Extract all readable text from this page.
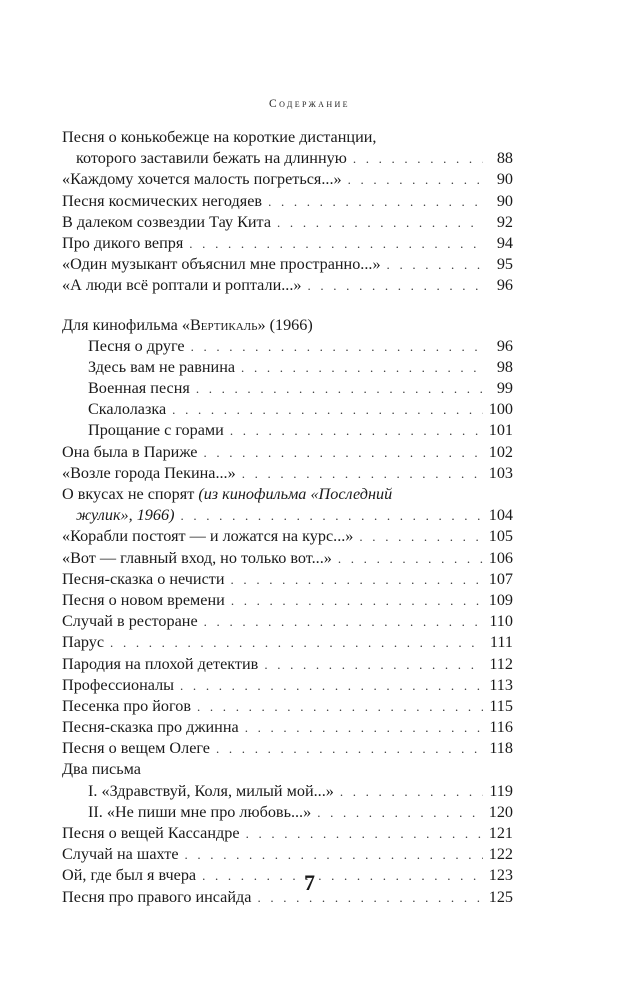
Содержание
Песня о конькобежце на короткие дистанции,
которого заставили бежать на длинную . . .	88
«Каждому хочется малость погреться...» . . .	90
Песня космических негодяев . . .	90
В далеком созвездии Тау Кита . . .	92
Про дикого вепря . . .	94
«Один музыкант объяснил мне пространно...» . . .	95
«А люди всё роптали и роптали...» . . .	96
Для кинофильма «Вертикаль» (1966)
Песня о друге . . .	96
Здесь вам не равнина . . .	98
Военная песня . . .	99
Скалолазка . . .	100
Прощание с горами . . .	101
Она была в Париже . . .	102
«Возле города Пекина...» . . .	103
О вкусах не спорят (из кинофильма «Последний
жулик», 1966) . . .	104
«Корабли постоят — и ложатся на курс...» . . .	105
«Вот — главный вход, но только вот...» . . .	106
Песня-сказка о нечисти . . .	107
Песня о новом времени . . .	109
Случай в ресторане . . .	110
Парус . . .	111
Пародия на плохой детектив . . .	112
Профессионалы . . .	113
Песенка про йогов . . .	115
Песня-сказка про джинна . . .	116
Песня о вещем Олеге . . .	118
Два письма
I. «Здравствуй, Коля, милый мой...» . . .	119
II. «Не пиши мне про любовь...» . . .	120
Песня о вещей Кассандре . . .	121
Случай на шахте . . .	122
Ой, где был я вчера . . .	123
Песня про правого инсайда . . .	125
7
